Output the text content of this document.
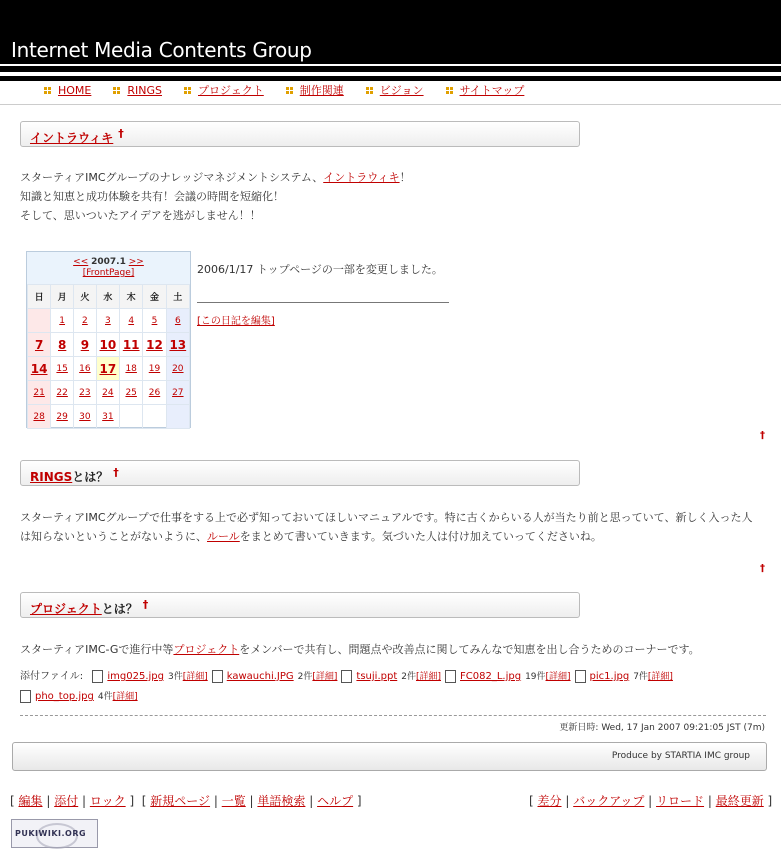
Internet Media Contents Group
HOME	RINGS	プロジェクト	制作関連	ビジョン	サイトマップ
イントラウィキ †
スターティアIMCグループのナレッジマネジメントシステム、イントラウィキ！
知識と知恵と成功体験を共有！会議の時間を短縮化！
そして、思いついたアイデアを逃がしません！！
<< 2007.1 >>
[FrontPage]
日	月	火	水	木	金	土
	1	2	3	4	5	6
7	8	9	10	11	12	13
14	15	16	17	18	19	20
21	22	23	24	25	26	27
28	29	30	31			
2006/1/17 トップページの一部を変更しました。
[この日記を編集]
†
RINGSとは？ †
スターティアIMCグループで仕事をする上で必ず知っておいてほしいマニュアルです。特に古くからいる人が当たり前と思っていて、新しく入った人
は知らないということがないように、ルールをまとめて書いていきます。気づいた人は付け加えていってくださいね。
†
プロジェクトとは？ †
スターティアIMC-Gで進行中等プロジェクトをメンバーで共有し、問題点や改善点に関してみんなで知恵を出し合うためのコーナーです。
添付ファイル: img025.jpg 3件[詳細] kawauchi.JPG 2件[詳細] tsuji.ppt 2件[詳細] FC082_L.jpg 19件[詳細] pic1.jpg 7件[詳細]pho_top.jpg 4件[詳細]
更新日時: Wed, 17 Jan 2007 09:21:05 JST (7m)
Produce by STARTIA IMC group
[ 編集 | 添付 | ロック ] [ 新規ページ | 一覧 | 単語検索 | ヘルプ ]	[ 差分 | バックアップ | リロード | 最終更新 ]
PUKIWIKI.ORG
